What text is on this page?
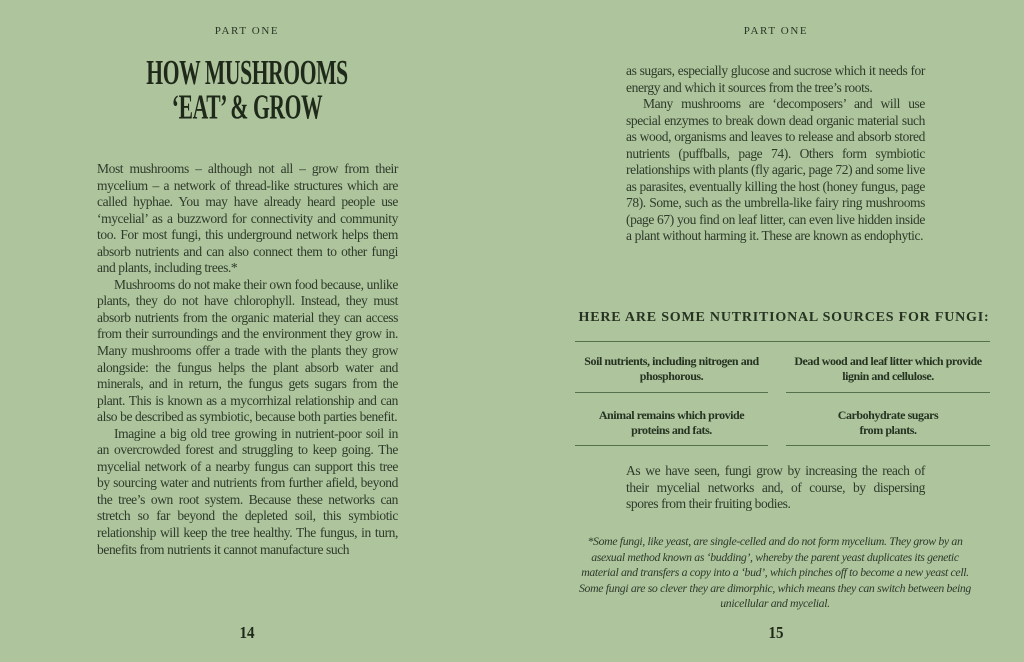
PART ONE
HOW MUSHROOMS
‘EAT’ & GROW

Most mushrooms – although not all – grow from their mycelium – a network of thread-like structures which are called hyphae. You may have already heard people use ‘mycelial’ as a buzzword for connectivity and community too. For most fungi, this underground network helps them absorb nutrients and can also connect them to other fungi and plants, including trees.*

Mushrooms do not make their own food because, unlike plants, they do not have chlorophyll. Instead, they must absorb nutrients from the organic material they can access from their surroundings and the environment they grow in. Many mushrooms offer a trade with the plants they grow alongside: the fungus helps the plant absorb water and minerals, and in return, the fungus gets sugars from the plant. This is known as a mycorrhizal relationship and can also be described as symbiotic, because both parties benefit.

Imagine a big old tree growing in nutrient-poor soil in an overcrowded forest and struggling to keep going. The mycelial network of a nearby fungus can support this tree by sourcing water and nutrients from further afield, beyond the tree’s own root system. Because these networks can stretch so far beyond the depleted soil, this symbiotic relationship will keep the tree healthy. The fungus, in turn, benefits from nutrients it cannot manufacture such

14
PART ONE

as sugars, especially glucose and sucrose which it needs for energy and which it sources from the tree’s roots.

Many mushrooms are ‘decomposers’ and will use special enzymes to break down dead organic material such as wood, organisms and leaves to release and absorb stored nutrients (puffballs, page 74). Others form symbiotic relationships with plants (fly agaric, page 72) and some live as parasites, eventually killing the host (honey fungus, page 78). Some, such as the umbrella-like fairy ring mushrooms (page 67) you find on leaf litter, can even live hidden inside a plant without harming it. These are known as endophytic.

HERE ARE SOME NUTRITIONAL SOURCES FOR FUNGI:
Soil nutrients, including nitrogen and phosphorous.
Dead wood and leaf litter which provide lignin and cellulose.
Animal remains which provide proteins and fats.
Carbohydrate sugars from plants.
As we have seen, fungi grow by increasing the reach of their mycelial networks and, of course, by dispersing spores from their fruiting bodies.
*Some fungi, like yeast, are single-celled and do not form mycelium. They grow by an asexual method known as ‘budding’, whereby the parent yeast duplicates its genetic material and transfers a copy into a ‘bud’, which pinches off to become a new yeast cell. Some fungi are so clever they are dimorphic, which means they can switch between being unicellular and mycelial.
15
